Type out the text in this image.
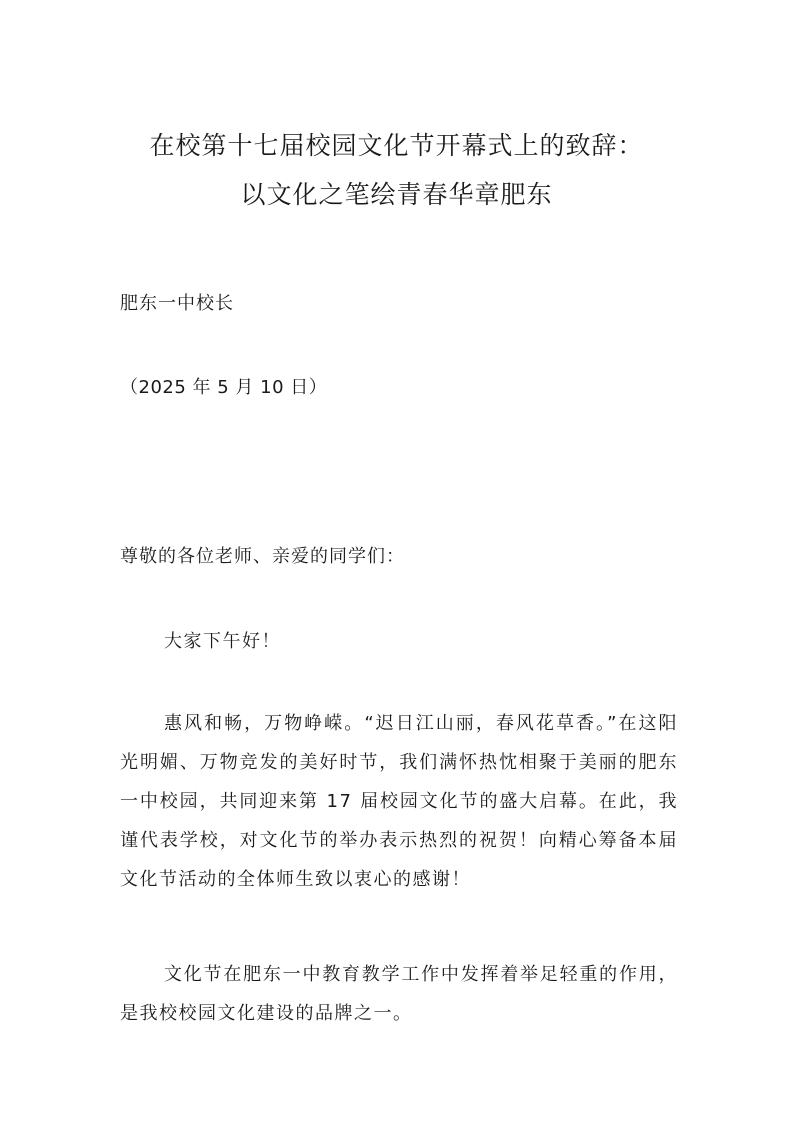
在校第十七届校园文化节开幕式上的致辞：
以文化之笔绘青春华章肥东
肥东一中校长
（2025 年 5 月 10 日）
尊敬的各位老师、亲爱的同学们：
大家下午好！
惠风和畅，万物峥嵘。“迟日江山丽，春风花草香。”在这阳光明媚、万物竞发的美好时节，我们满怀热忱相聚于美丽的肥东一中校园，共同迎来第 17 届校园文化节的盛大启幕。在此，我谨代表学校，对文化节的举办表示热烈的祝贺！向精心筹备本届文化节活动的全体师生致以衷心的感谢！
文化节在肥东一中教育教学工作中发挥着举足轻重的作用，是我校校园文化建设的品牌之一。
